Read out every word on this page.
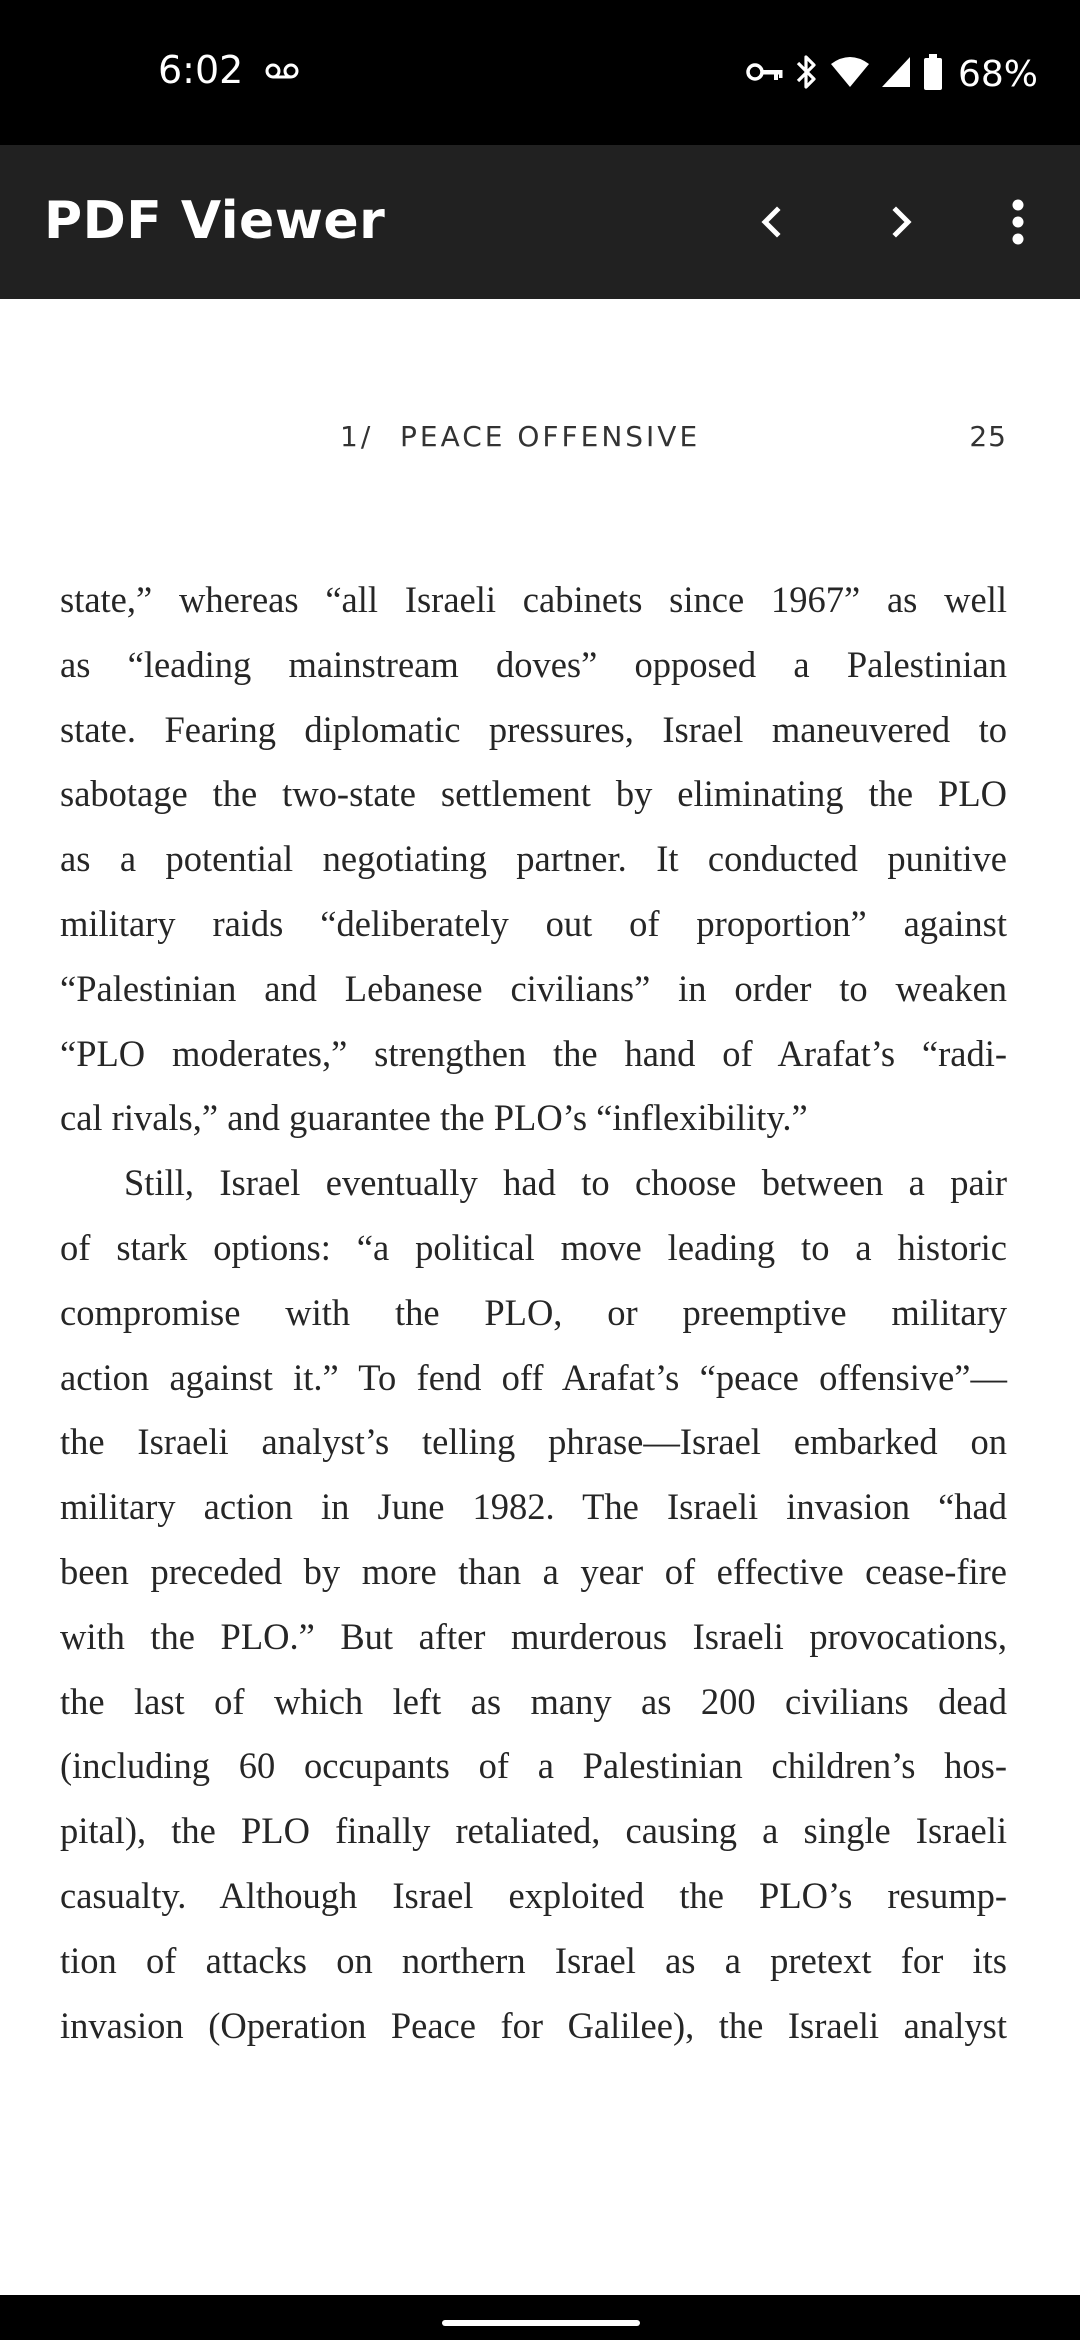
6:02	68%
PDF Viewer
1/ PEACE OFFENSIVE	25
state,” whereas “all Israeli cabinets since 1967” as well
as “leading mainstream doves” opposed a Palestinian
state. Fearing diplomatic pressures, Israel maneuvered to
sabotage the two-state settlement by eliminating the PLO
as a potential negotiating partner. It conducted punitive
military raids “deliberately out of proportion” against
“Palestinian and Lebanese civilians” in order to weaken
“PLO moderates,” strengthen the hand of Arafat’s “radi-
cal rivals,” and guarantee the PLO’s “inflexibility.”
Still, Israel eventually had to choose between a pair
of stark options: “a political move leading to a historic
compromise with the PLO, or preemptive military
action against it.” To fend off Arafat’s “peace offensive”—
the Israeli analyst’s telling phrase—Israel embarked on
military action in June 1982. The Israeli invasion “had
been preceded by more than a year of effective cease-fire
with the PLO.” But after murderous Israeli provocations,
the last of which left as many as 200 civilians dead
(including 60 occupants of a Palestinian children’s hos-
pital), the PLO finally retaliated, causing a single Israeli
casualty. Although Israel exploited the PLO’s resump-
tion of attacks on northern Israel as a pretext for its
invasion (Operation Peace for Galilee), the Israeli analyst
